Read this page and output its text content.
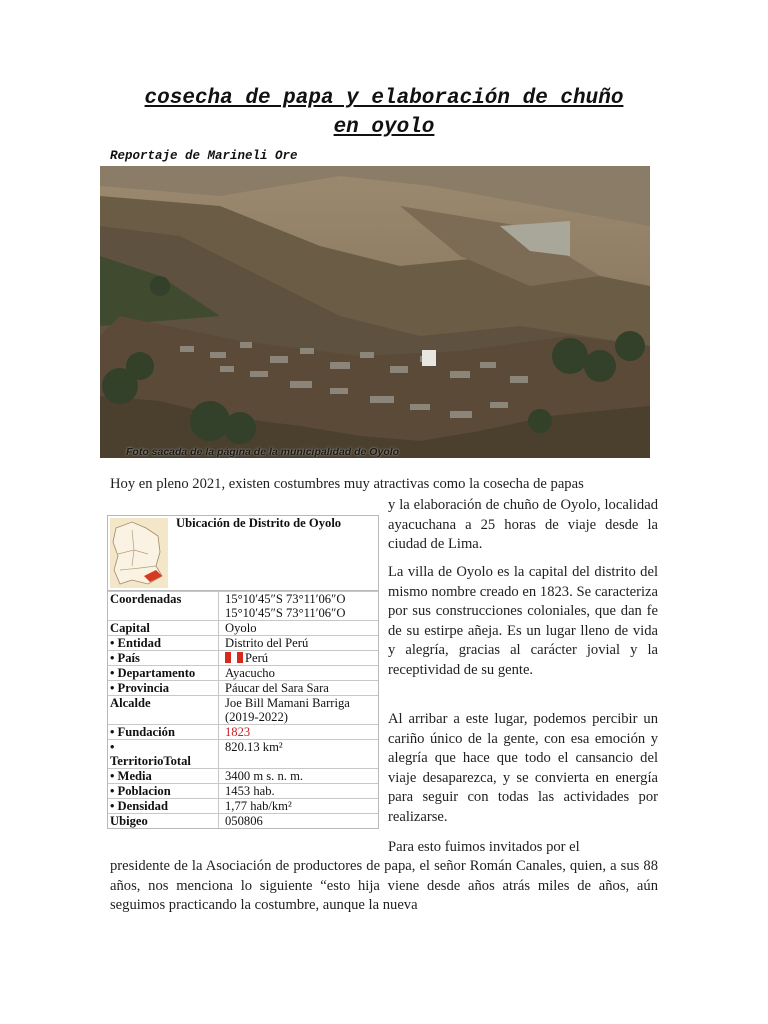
cosecha de papa y elaboración de chuño
en oyolo
Reportaje de Marineli Ore
Foto sacada de la página de la municipalidad de Oyolo

Hoy en pleno 2021, existen costumbres muy atractivas como la cosecha de papas

y la elaboración de chuño de Oyolo, localidad ayacuchana a 25 horas de viaje desde la ciudad de Lima.

La villa de Oyolo es la capital del distrito del mismo nombre creado en 1823. Se caracteriza por sus construcciones coloniales, que dan fe de su estirpe añeja. Es un lugar lleno de vida y alegría, gracias al carácter jovial y la receptividad de su gente.

Al arribar a este lugar, podemos percibir un cariño único de la gente, con esa emoción y alegría que hace que todo el cansancio del viaje desaparezca, y se convierta en energía para seguir con todas las actividades por realizarse.

Para esto fuimos invitados por el

presidente de la Asociación de productores de papa, el señor Román Canales, quien, a sus 88 años, nos menciona lo siguiente “esto hija viene desde años atrás miles de años, aún seguimos practicando la costumbre, aunque la nueva

Ubicación de Distrito de Oyolo
Coordenadas	15°10′45″S 73°11′06″O
15°10′45″S 73°11′06″O
Capital	Oyolo
• Entidad	Distrito del Perú
• País	Perú
• Departamento	Ayacucho
• Provincia	Páucar del Sara Sara
Alcalde	Joe Bill Mamani Barriga
(2019-2022)
• Fundación	1823
•
TerritorioTotal	820.13 km²
• Media	3400 m s. n. m.
• Poblacion	1453 hab.
• Densidad	1,77 hab/km²
Ubigeo	050806
